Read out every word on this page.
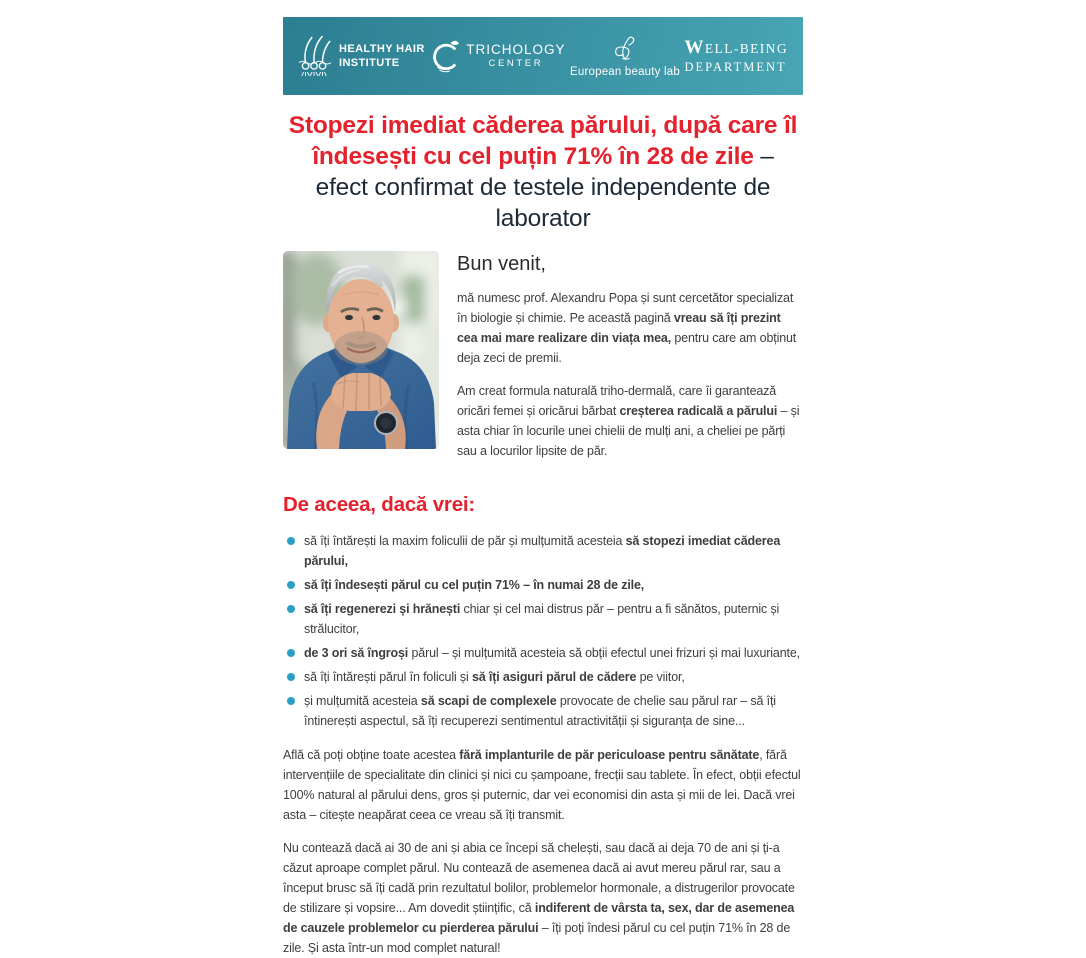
HEALTHY HAIR
INSTITUTE
TRICHOLOGY
CENTER
European beauty lab
WELL-BEING
DEPARTMENT
Stopezi imediat căderea părului, după care îl îndesești cu cel puțin 71% în 28 de zile – efect confirmat de testele independente de laborator
Bun venit,

mă numesc prof. Alexandru Popa și sunt cercetător specializat în biologie și chimie. Pe această pagină vreau să îți prezint cea mai mare realizare din viața mea, pentru care am obținut deja zeci de premii.

Am creat formula naturală triho-dermală, care îi garantează oricări femei și oricărui bărbat creșterea radicală a părului – și asta chiar în locurile unei chielii de mulți ani, a cheliei pe părți sau a locurilor lipsite de păr.

De aceea, dacă vrei:
să îți întărești la maxim foliculii de păr și mulțumită acesteia să stopezi imediat căderea părului,
să îți îndesești părul cu cel puțin 71% – în numai 28 de zile,
să îți regenerezi și hrănești chiar și cel mai distrus păr – pentru a fi sănătos, puternic și strălucitor,
de 3 ori să îngroși părul – și mulțumită acesteia să obții efectul unei frizuri și mai luxuriante,
să îți întărești părul în foliculi și să îți asiguri părul de cădere pe viitor,
și mulțumită acesteia să scapi de complexele provocate de chelie sau părul rar – să îți întinerești aspectul, să îți recuperezi sentimentul atractivității și siguranța de sine...

Află că poți obține toate acestea fără implanturile de păr periculoase pentru sănătate, fără intervențiile de specialitate din clinici și nici cu șampoane, frecții sau tablete. În efect, obții efectul 100% natural al părului dens, gros și puternic, dar vei economisi din asta și mii de lei. Dacă vrei asta – citește neapărat ceea ce vreau să îți transmit.

Nu contează dacă ai 30 de ani și abia ce începi să chelești, sau dacă ai deja 70 de ani și ți-a căzut aproape complet părul. Nu contează de asemenea dacă ai avut mereu părul rar, sau a început brusc să îți cadă prin rezultatul bolilor, problemelor hormonale, a distrugerilor provocate de stilizare și vopsire... Am dovedit științific, că indiferent de vârsta ta, sex, dar de asemenea de cauzele problemelor cu pierderea părului – îți poți îndesi părul cu cel puțin 71% în 28 de zile. Și asta într-un mod complet natural!
